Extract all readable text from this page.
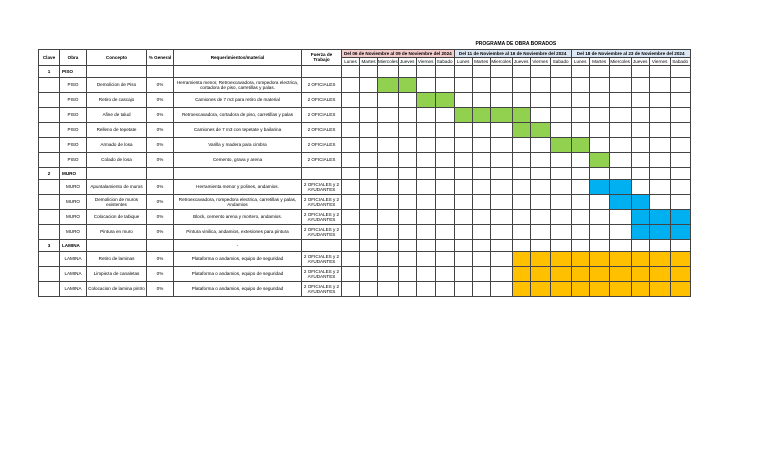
						PROGRAMA DE OBRA BORADOS																	
Clave	Obra	Concepto	% General	Requerimientos/material	Fuerza de Trabajo	Del 06 de Noviembre al 09 de Noviembre del 2024						Del 11 de Noviembre al 16 de Noviembre del 2024						Del 18 de Noviembre al 23 de Noviembre del 2024					
						Lunes	Martes	Miercoles	Jueves	Viernes	Sabado	Lunes	Martes	Miercoles	Jueves	Viernes	Sabado	Lunes	Martes	Miercoles	Jueves	Viernes	Sabado
1	PISO																						
	PISO	Demolicion de Piso	0%	Herramienta menor, Retroexcavadora, rompedora electrica, cortadora de piso, carretillas y palas.	2 OFICIALES																		
	PISO	Retiro de cascajo	0%	Camiones de 7 m3 para retiro de material	2 OFICIALES																		
	PISO	Afine de talud	0%	Retroexcavadora, cortadora de piso, carretillas y palas	2 OFICIALES																		
	PISO	Relleno de tepetate	0%	Camiones de 7 m3 con tepetate y bailarina	2 OFICIALES																		
	PISO	Armado de losa	0%	Varilla y madera para cimbra	2 OFICIALES																		
	PISO	Colado de losa	0%	Cemento, grava y arena	2 OFICIALES																		
2	MURO																						
	MURO	Apuntalamiento de muros	0%	Herramienta menor y polines, andamios.	2 OFICIALES y 2 AYUDANTES																		
	MURO	Demolicion de muros existentes	0%	Retroexcavadora, rompedora electrica, carretillas y palas, Andamios	2 OFICIALES y 2 AYUDANTES																		
	MURO	Colocacion de tabique	0%	Block, cemento arena y mortero, andamios.	2 OFICIALES y 2 AYUDANTES																		
	MURO	Pintura en muro	0%	Pintura vinilica, andamios, extesiones para pintura	2 OFICIALES y 2 AYUDANTES																		
3	LAMINA			-																			
	LAMINA	Retiro de laminas	0%	Plataforma o andamios, equipo de seguridad	2 OFICIALES y 2 AYUDANTES																		
	LAMINA	Limpieza de canaletas	0%	Plataforma o andamios, equipo de seguridad	2 OFICIALES y 2 AYUDANTES																		
	LAMINA	Colocacion de lamina pintro	0%	Plataforma o andamios, equipo de seguridad	2 OFICIALES y 2 AYUDANTES																		
